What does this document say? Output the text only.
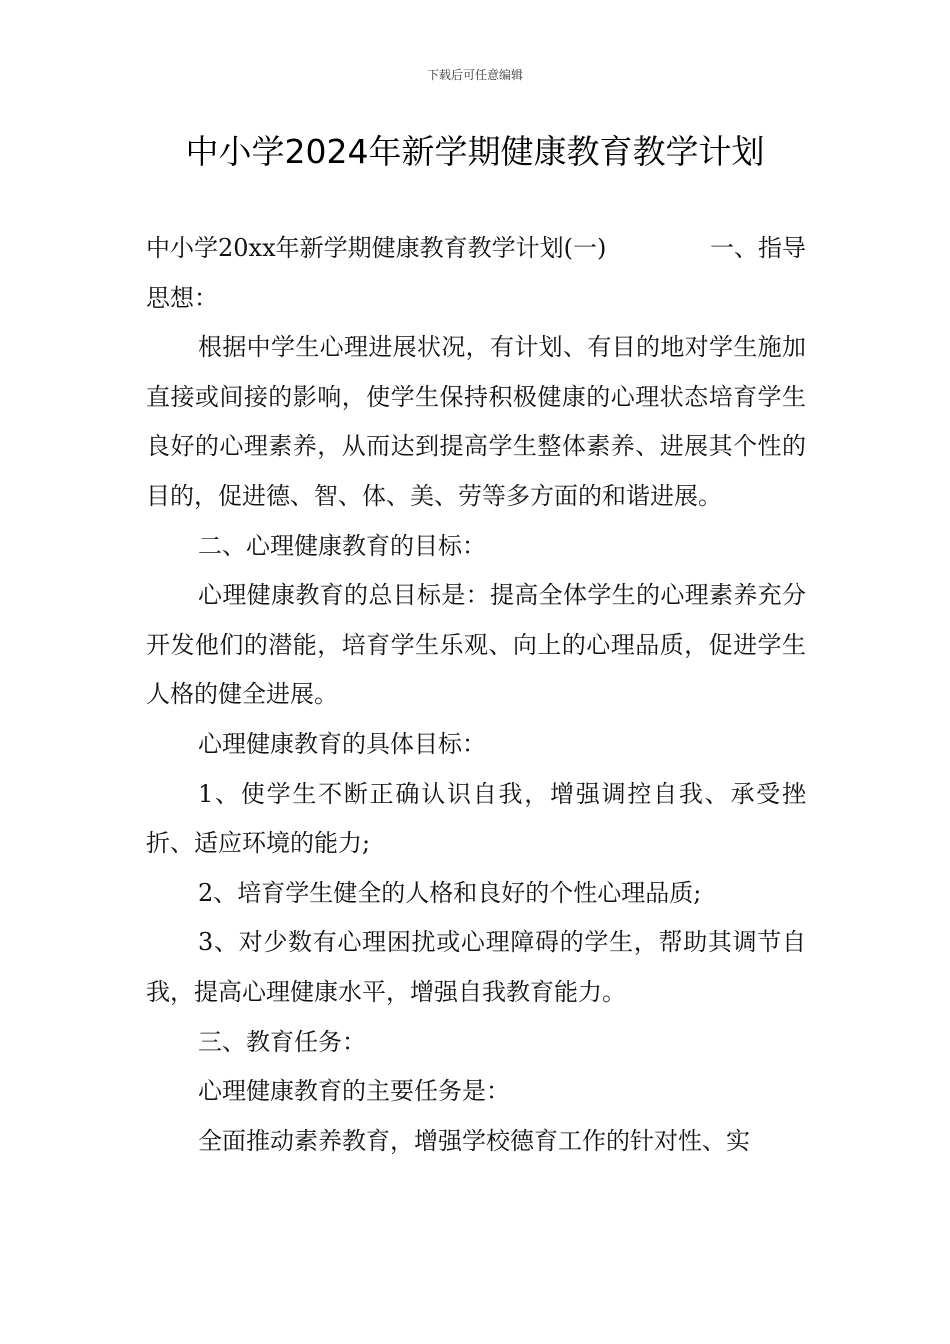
下载后可任意编辑
中小学2024年新学期健康教育教学计划
中小学20xx年新学期健康教育教学计划(一)	一、指导

思想：

根据中学生心理进展状况，有计划、有目的地对学生施加直接或间接的影响，使学生保持积极健康的心理状态培育学生良好的心理素养，从而达到提高学生整体素养、进展其个性的目的，促进德、智、体、美、劳等多方面的和谐进展。

二、心理健康教育的目标：

心理健康教育的总目标是：提高全体学生的心理素养充分开发他们的潜能，培育学生乐观、向上的心理品质，促进学生人格的健全进展。

心理健康教育的具体目标：

1、使学生不断正确认识自我，增强调控自我、承受挫折、适应环境的能力;

2、培育学生健全的人格和良好的个性心理品质;

3、对少数有心理困扰或心理障碍的学生，帮助其调节自我，提高心理健康水平，增强自我教育能力。

三、教育任务：

心理健康教育的主要任务是：

全面推动素养教育，增强学校德育工作的针对性、实
